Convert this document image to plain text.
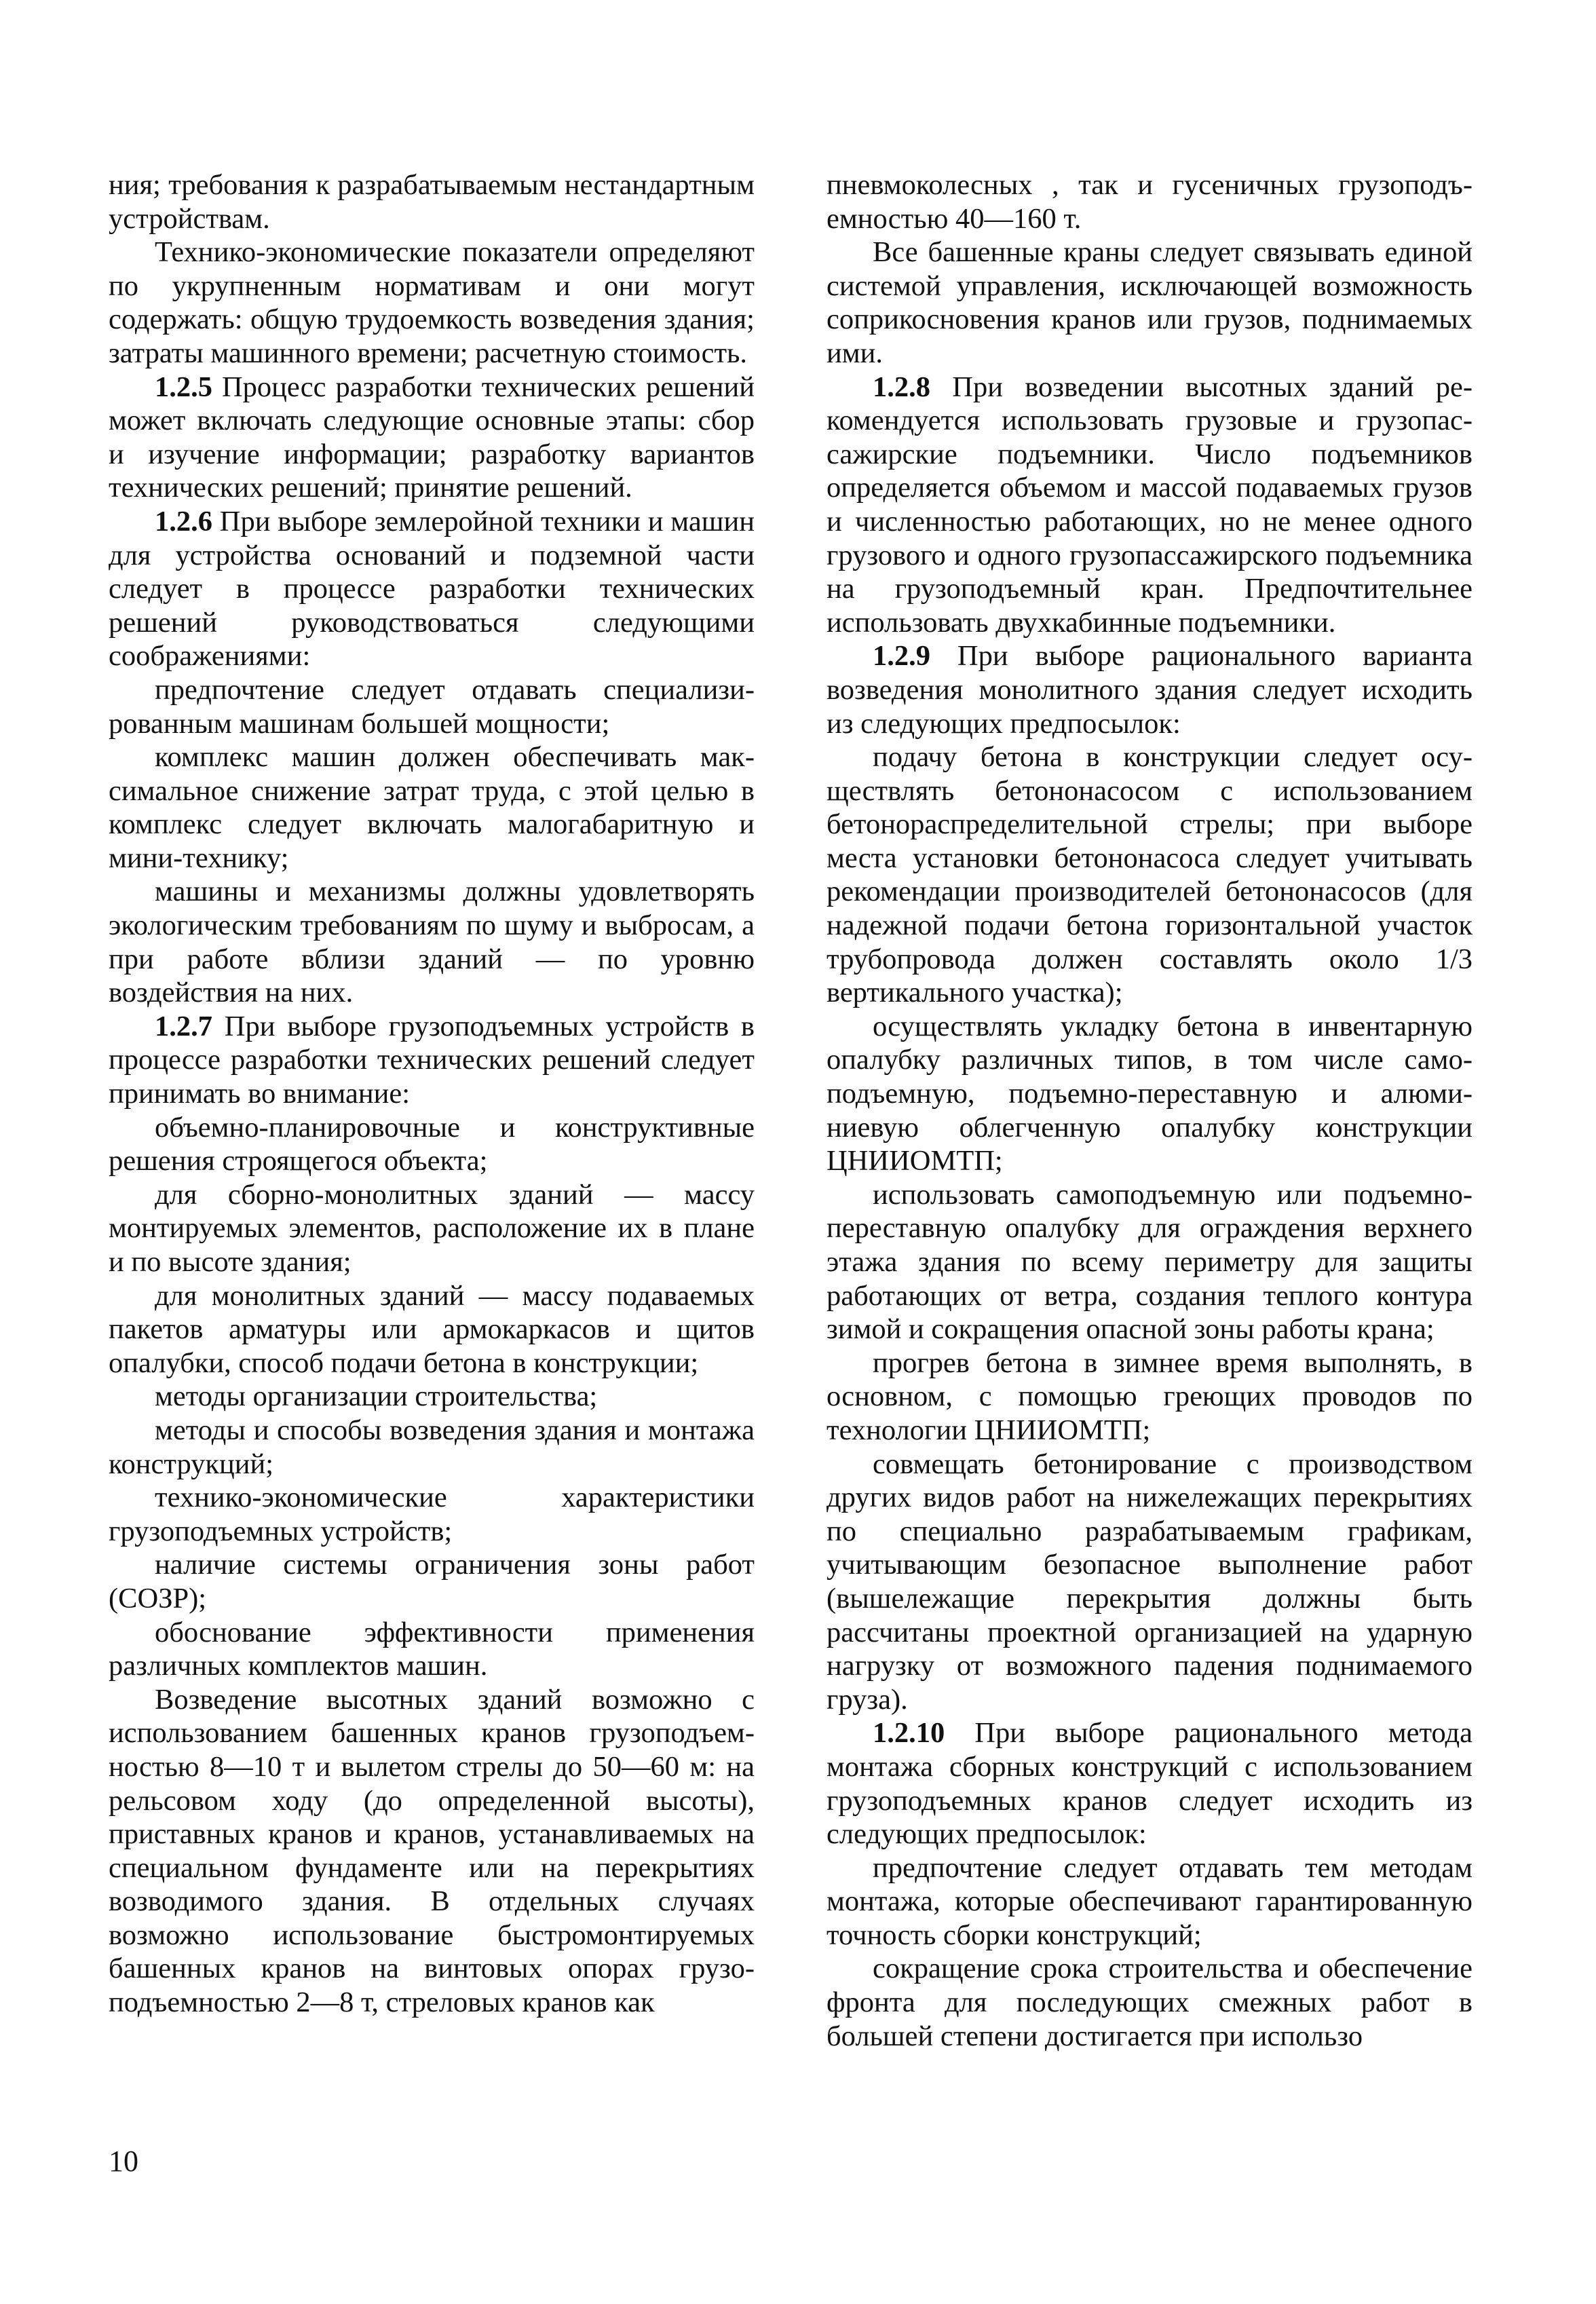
ния; требования к разрабатываемым нестандартным устройствам.

Технико-экономические показатели определяют по укрупненным нормативам и они могут содержать: общую трудоемкость возведения здания; затраты машинного времени; расчетную стоимость.

1.2.5 Процесс разработки технических решений может включать следующие основные этапы: сбор и изучение информации; разработку вариантов технических решений; принятие решений.

1.2.6 При выборе землеройной техники и машин для устройства оснований и подземной части следует в процессе разработки технических решений руководствоваться следующими соображениями:

предпочтение следует отдавать специализированным машинам большей мощности;

комплекс машин должен обеспечивать максимальное снижение затрат труда, с этой целью в комплекс следует включать малогабаритную и мини-технику;

машины и механизмы должны удовлетворять экологическим требованиям по шуму и выбросам, а при работе вблизи зданий — по уровню воздействия на них.

1.2.7 При выборе грузоподъемных устройств в процессе разработки технических решений следует принимать во внимание:

объемно-планировочные и конструктивные решения строящегося объекта;

для сборно-монолитных зданий — массу монтируемых элементов, расположение их в плане и по высоте здания;

для монолитных зданий — массу подаваемых пакетов арматуры или армокаркасов и щитов опалубки, способ подачи бетона в конструкции;

методы организации строительства;

методы и способы возведения здания и монтажа конструкций;

технико-экономические характеристики грузоподъемных устройств;

наличие системы ограничения зоны работ (СОЗР);

обоснование эффективности применения различных комплектов машин.

Возведение высотных зданий возможно с использованием башенных кранов грузоподъемностью 8—10 т и вылетом стрелы до 50—60 м: на рельсовом ходу (до определенной высоты), приставных кранов и кранов, устанавливаемых на специальном фундаменте или на перекрытиях возводимого здания. В отдельных случаях возможно использование быстромонтируемых башенных кранов на винтовых опорах грузоподъемностью 2—8 т, стреловых кранов как

пневмоколесных , так и гусеничных грузоподъемностью 40—160 т.

Все башенные краны следует связывать единой системой управления, исключающей возможность соприкосновения кранов или грузов, поднимаемых ими.

1.2.8 При возведении высотных зданий рекомендуется использовать грузовые и грузопассажирские подъемники. Число подъемников определяется объемом и массой подаваемых грузов и численностью работающих, но не менее одного грузового и одного грузопассажирского подъемника на грузоподъемный кран. Предпочтительнее использовать двухкабинные подъемники.

1.2.9 При выборе рационального варианта возведения монолитного здания следует исходить из следующих предпосылок:

подачу бетона в конструкции следует осуществлять бетононасосом с использованием бетонораспределительной стрелы; при выборе места установки бетононасоса следует учитывать рекомендации производителей бетононасосов (для надежной подачи бетона горизонтальной участок трубопровода должен составлять около 1/3 вертикального участка);

осуществлять укладку бетона в инвентарную опалубку различных типов, в том числе самоподъемную, подъемно-переставную и алюминиевую облегченную опалубку конструкции ЦНИИОМТП;

использовать самоподъемную или подъемно-переставную опалубку для ограждения верхнего этажа здания по всему периметру для защиты работающих от ветра, создания теплого контура зимой и сокращения опасной зоны работы крана;

прогрев бетона в зимнее время выполнять, в основном, с помощью греющих проводов по технологии ЦНИИОМТП;

совмещать бетонирование с производством других видов работ на нижележащих перекрытиях по специально разрабатываемым графикам, учитывающим безопасное выполнение работ (вышележащие перекрытия должны быть рассчитаны проектной организацией на ударную нагрузку от возможного падения поднимаемого груза).

1.2.10 При выборе рационального метода монтажа сборных конструкций с использованием грузоподъемных кранов следует исходить из следующих предпосылок:

предпочтение следует отдавать тем методам монтажа, которые обеспечивают гарантированную точность сборки конструкций;

сокращение срока строительства и обеспечение фронта для последующих смежных работ в большей степени достигается при использо

10
